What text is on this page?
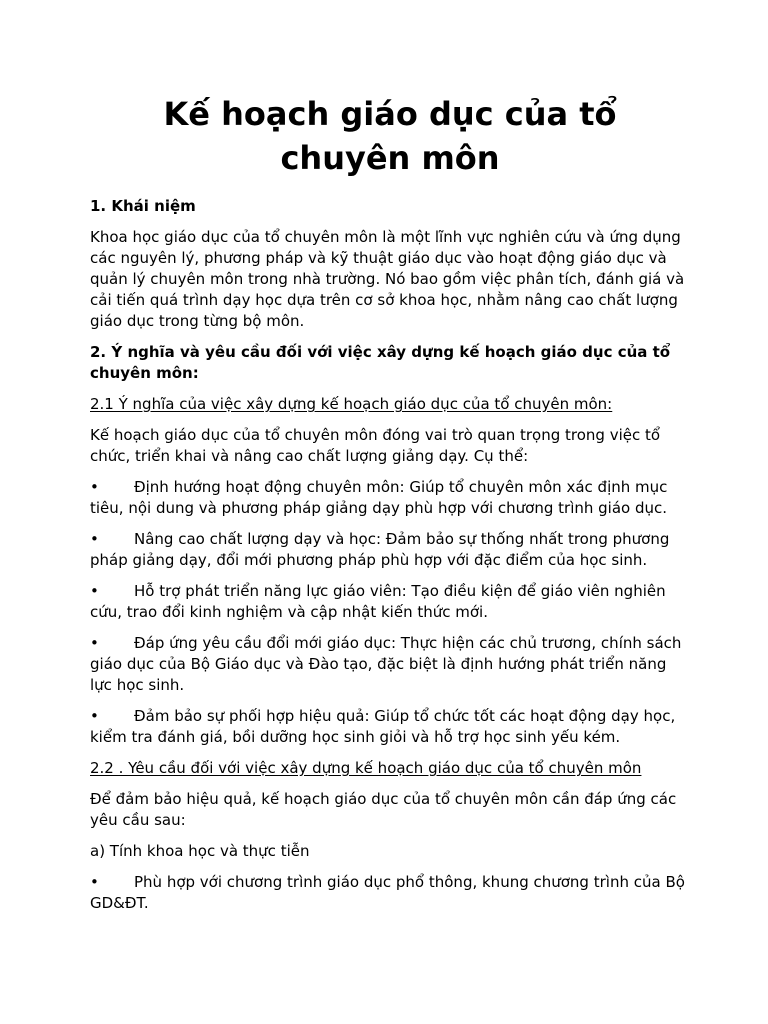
Kế hoạch giáo dục của tổ chuyên môn
1. Khái niệm

Khoa học giáo dục của tổ chuyên môn là một lĩnh vực nghiên cứu và ứng dụng các nguyên lý, phương pháp và kỹ thuật giáo dục vào hoạt động giáo dục và quản lý chuyên môn trong nhà trường. Nó bao gồm việc phân tích, đánh giá và cải tiến quá trình dạy học dựa trên cơ sở khoa học, nhằm nâng cao chất lượng giáo dục trong từng bộ môn.

2. Ý nghĩa và yêu cầu đối với việc xây dựng kế hoạch giáo dục của tổ chuyên môn:
2.1 Ý nghĩa của việc xây dựng kế hoạch giáo dục của tổ chuyên môn:

Kế hoạch giáo dục của tổ chuyên môn đóng vai trò quan trọng trong việc tổ chức, triển khai và nâng cao chất lượng giảng dạy. Cụ thể:

• Định hướng hoạt động chuyên môn: Giúp tổ chuyên môn xác định mục tiêu, nội dung và phương pháp giảng dạy phù hợp với chương trình giáo dục.
• Nâng cao chất lượng dạy và học: Đảm bảo sự thống nhất trong phương pháp giảng dạy, đổi mới phương pháp phù hợp với đặc điểm của học sinh.
• Hỗ trợ phát triển năng lực giáo viên: Tạo điều kiện để giáo viên nghiên cứu, trao đổi kinh nghiệm và cập nhật kiến thức mới.
• Đáp ứng yêu cầu đổi mới giáo dục: Thực hiện các chủ trương, chính sách giáo dục của Bộ Giáo dục và Đào tạo, đặc biệt là định hướng phát triển năng lực học sinh.
• Đảm bảo sự phối hợp hiệu quả: Giúp tổ chức tốt các hoạt động dạy học, kiểm tra đánh giá, bồi dưỡng học sinh giỏi và hỗ trợ học sinh yếu kém.
2.2 . Yêu cầu đối với việc xây dựng kế hoạch giáo dục của tổ chuyên môn

Để đảm bảo hiệu quả, kế hoạch giáo dục của tổ chuyên môn cần đáp ứng các yêu cầu sau:

a) Tính khoa học và thực tiễn

• Phù hợp với chương trình giáo dục phổ thông, khung chương trình của Bộ GD&ĐT.
